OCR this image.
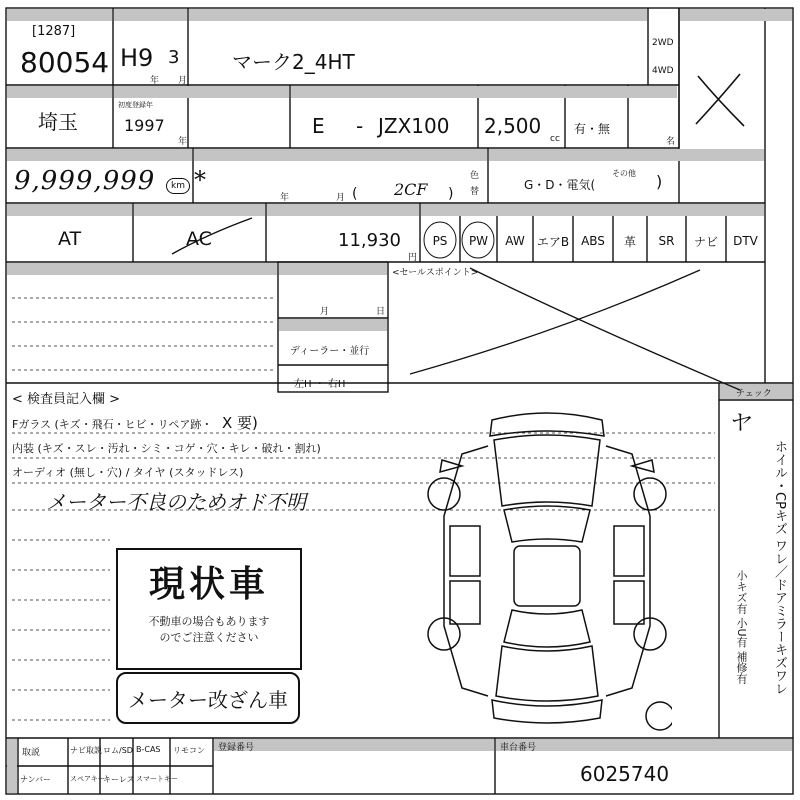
[1287]
80054 H9 3
年 月
マーク2_4HT
2WD
4WD
埼玉
初度登録年
1997
年
E - JZX100 2,500
cc
有・無
名
9,999,999	km *
年	月 ( 2CF )
色
替	G・D・電気(
その他 )
AT	AC	11,930
円
PS	PW	AW	エアB ABS	革	SR	ナビ	DTV
<セールスポイント>
月	日
ディーラー・並行
左H ・ 右H
< 検査員記入欄 >
Fガラス (キズ・飛石・ヒビ・リペア跡・ X 要)
内装 (キズ・スレ・汚れ・シミ・コゲ・穴・キレ・破れ・割れ)
オーディオ (無し・穴) / タイヤ (スタッドレス)
メーター不良のためオド不明
現状車
不動車の場合もあります
のでご注意ください
メーター改ざん車
チェック
ヤ
ホイル・CPキズ ワレ／ドアミラーキズワレ
小キズ有 小U有 補修有
取説	ナビ取説 ロム/SD B-CAS リモコン
ナンバー	スペアキー
キーレス スマートキー
登録番号	車台番号
6025740
